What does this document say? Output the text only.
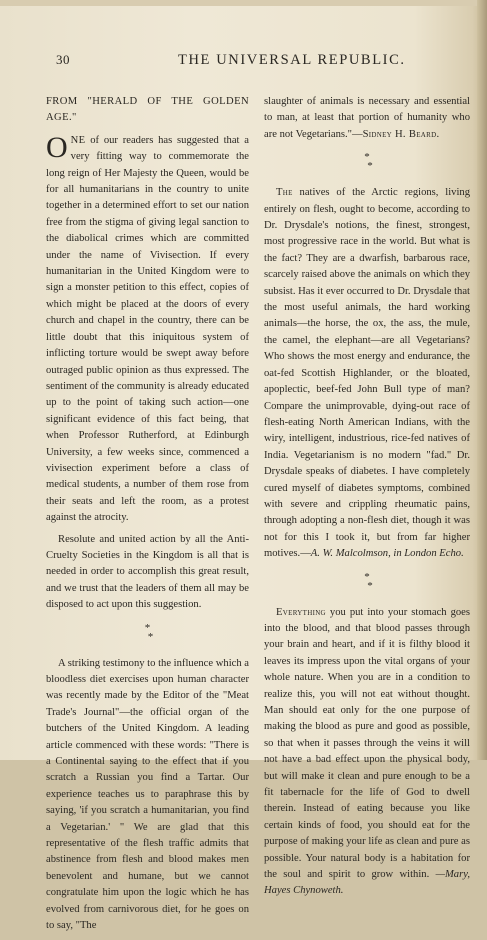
30	THE UNIVERSAL REPUBLIC.

FROM "HERALD OF THE GOLDEN AGE."

ONE of our readers has suggested that a very fitting way to commemorate the long reign of Her Majesty the Queen, would be for all humanitarians in the country to unite together in a determined effort to set our nation free from the stigma of giving legal sanction to the diabolical crimes which are committed under the name of Vivisection. If every humanitarian in the United Kingdom were to sign a monster petition to this effect, copies of which might be placed at the doors of every church and chapel in the country, there can be little doubt that this iniquitous system of inflicting torture would be swept away before outraged public opinion as thus expressed. The sentiment of the community is already educated up to the point of taking such action—one significant evidence of this fact being, that when Professor Rutherford, at Edinburgh University, a few weeks since, commenced a vivisection experiment before a class of medical students, a number of them rose from their seats and left the room, as a protest against the atrocity.

Resolute and united action by all the Anti-Cruelty Societies in the Kingdom is all that is needed in order to accomplish this great result, and we trust that the leaders of them all may be disposed to act upon this suggestion.

*
*

A striking testimony to the influence which a bloodless diet exercises upon human character was recently made by the Editor of the "Meat Trade's Journal"—the official organ of the butchers of the United Kingdom. A leading article commenced with these words: "There is a Continental saying to the effect that if you scratch a Russian you find a Tartar. Our experience teaches us to paraphrase this by saying, 'if you scratch a humanitarian, you find a Vegetarian.' " We are glad that this representative of the flesh traffic admits that abstinence from flesh and blood makes men benevolent and humane, but we cannot congratulate him upon the logic which he has evolved from carnivorous diet, for he goes on to say, "The

slaughter of animals is necessary and essential to man, at least that portion of humanity who are not Vegetarians."—Sidney H. Beard.

*
*

The natives of the Arctic regions, living entirely on flesh, ought to become, according to Dr. Drysdale's notions, the finest, strongest, most progressive race in the world. But what is the fact? They are a dwarfish, barbarous race, scarcely raised above the animals on which they subsist. Has it ever occurred to Dr. Drysdale that the most useful animals, the hard working animals—the horse, the ox, the ass, the mule, the camel, the elephant—are all Vegetarians? Who shows the most energy and endurance, the oat-fed Scottish Highlander, or the bloated, apoplectic, beef-fed John Bull type of man? Compare the unimprovable, dying-out race of flesh-eating North American Indians, with the wiry, intelligent, industrious, rice-fed natives of India. Vegetarianism is no modern "fad." Dr. Drysdale speaks of diabetes. I have completely cured myself of diabetes symptoms, combined with severe and crippling rheumatic pains, through adopting a non-flesh diet, though it was not for this I took it, but from far higher motives.—A. W. Malcolmson, in London Echo.

*
*

Everything you put into your stomach goes into the blood, and that blood passes through your brain and heart, and if it is filthy blood it leaves its impress upon the vital organs of your whole nature. When you are in a condition to realize this, you will not eat without thought. Man should eat only for the one purpose of making the blood as pure and good as possible, so that when it passes through the veins it will not have a bad effect upon the physical body, but will make it clean and pure enough to be a fit tabernacle for the life of God to dwell therein. Instead of eating because you like certain kinds of food, you should eat for the purpose of making your life as clean and pure as possible. Your natural body is a habitation for the soul and spirit to grow within. —Mary, Hayes Chynoweth.
